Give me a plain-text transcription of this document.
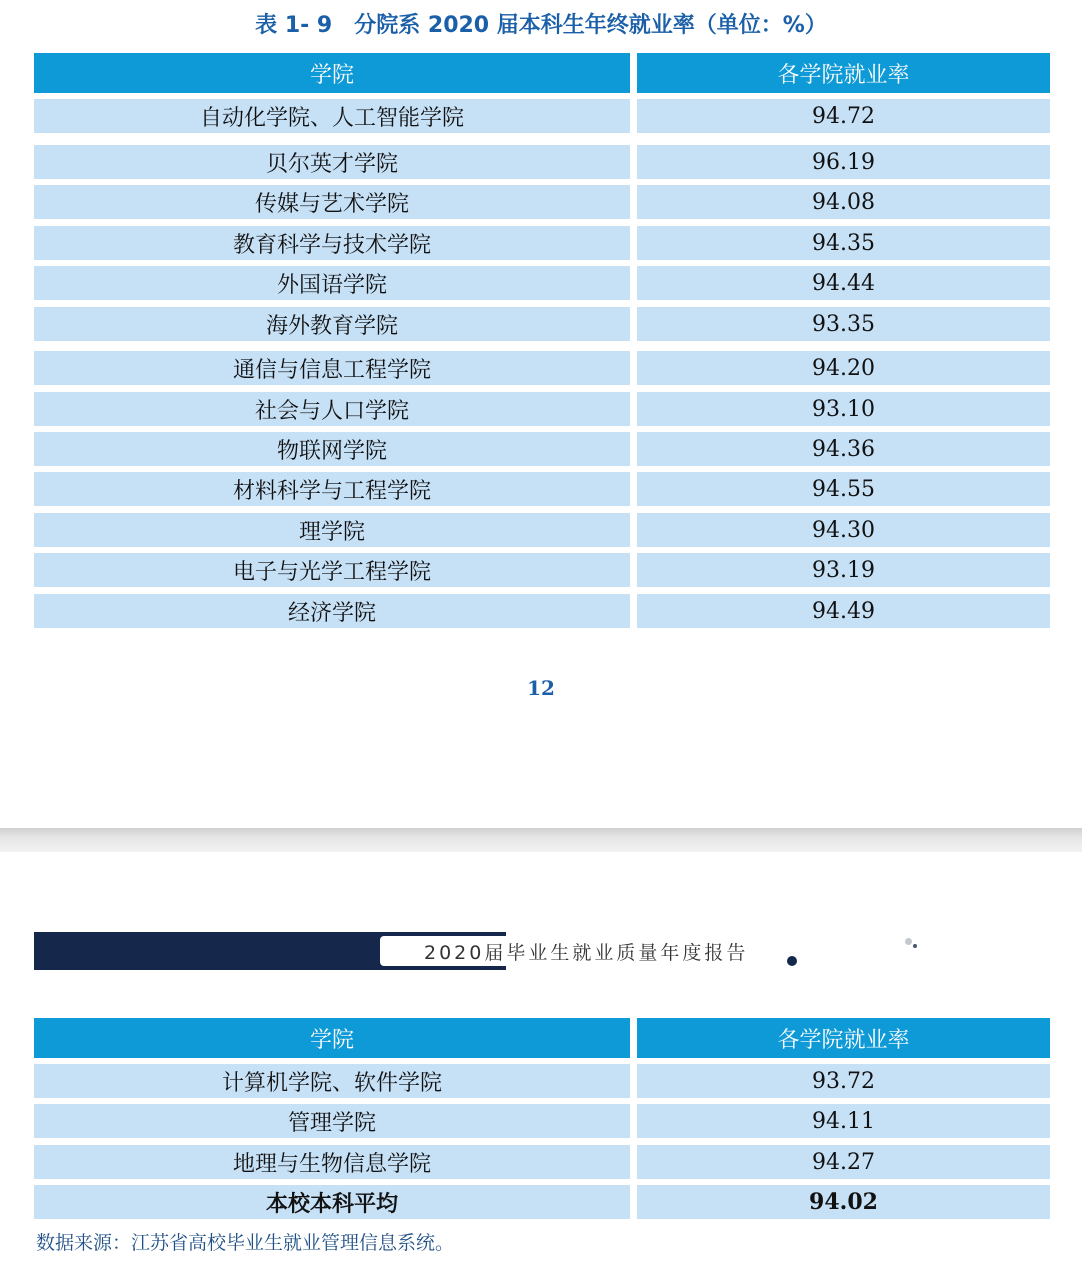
表 1- 9　分院系 2020 届本科生年终就业率（单位：%）
学院	各学院就业率
自动化学院、人工智能学院	94.72
贝尔英才学院	96.19
传媒与艺术学院	94.08
教育科学与技术学院	94.35
外国语学院	94.44
海外教育学院	93.35
通信与信息工程学院	94.20
社会与人口学院	93.10
物联网学院	94.36
材料科学与工程学院	94.55
理学院	94.30
电子与光学工程学院	93.19
经济学院	94.49
12
2020届毕业生就业质量年度报告
学院	各学院就业率
计算机学院、软件学院	93.72
管理学院	94.11
地理与生物信息学院	94.27
本校本科平均	94.02
数据来源：江苏省高校毕业生就业管理信息系统。
